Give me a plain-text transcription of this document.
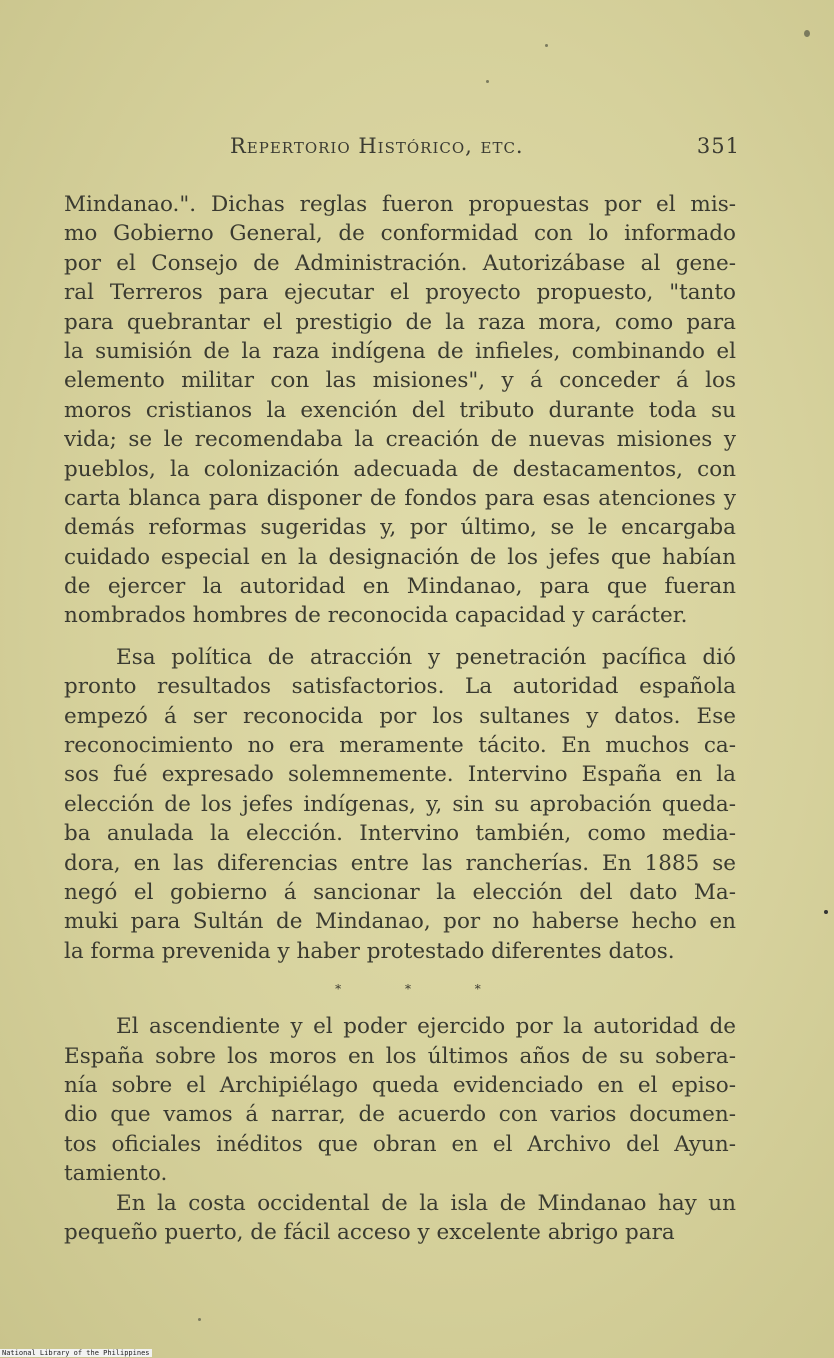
Repertorio Histórico, etc.	351
Mindanao.". Dichas reglas fueron propuestas por el mis-
mo Gobierno General, de conformidad con lo informado
por el Consejo de Administración. Autorizábase al gene-
ral Terreros para ejecutar el proyecto propuesto, "tanto
para quebrantar el prestigio de la raza mora, como para
la sumisión de la raza indígena de infieles, combinando el
elemento militar con las misiones", y á conceder á los
moros cristianos la exención del tributo durante toda su
vida; se le recomendaba la creación de nuevas misiones y
pueblos, la colonización adecuada de destacamentos, con
carta blanca para disponer de fondos para esas atenciones y
demás reformas sugeridas y, por último, se le encargaba
cuidado especial en la designación de los jefes que habían
de ejercer la autoridad en Mindanao, para que fueran
nombrados hombres de reconocida capacidad y carácter.
Esa política de atracción y penetración pacífica dió
pronto resultados satisfactorios. La autoridad española
empezó á ser reconocida por los sultanes y datos. Ese
reconocimiento no era meramente tácito. En muchos ca-
sos fué expresado solemnemente. Intervino España en la
elección de los jefes indígenas, y, sin su aprobación queda-
ba anulada la elección. Intervino también, como media-
dora, en las diferencias entre las rancherías. En 1885 se
negó el gobierno á sancionar la elección del dato Ma-
muki para Sultán de Mindanao, por no haberse hecho en
la forma prevenida y haber protestado diferentes datos.
* * *
El ascendiente y el poder ejercido por la autoridad de
España sobre los moros en los últimos años de su sobera-
nía sobre el Archipiélago queda evidenciado en el episo-
dio que vamos á narrar, de acuerdo con varios documen-
tos oficiales inéditos que obran en el Archivo del Ayun-
tamiento.
En la costa occidental de la isla de Mindanao hay un
pequeño puerto, de fácil acceso y excelente abrigo para
National Library of the Philippines
